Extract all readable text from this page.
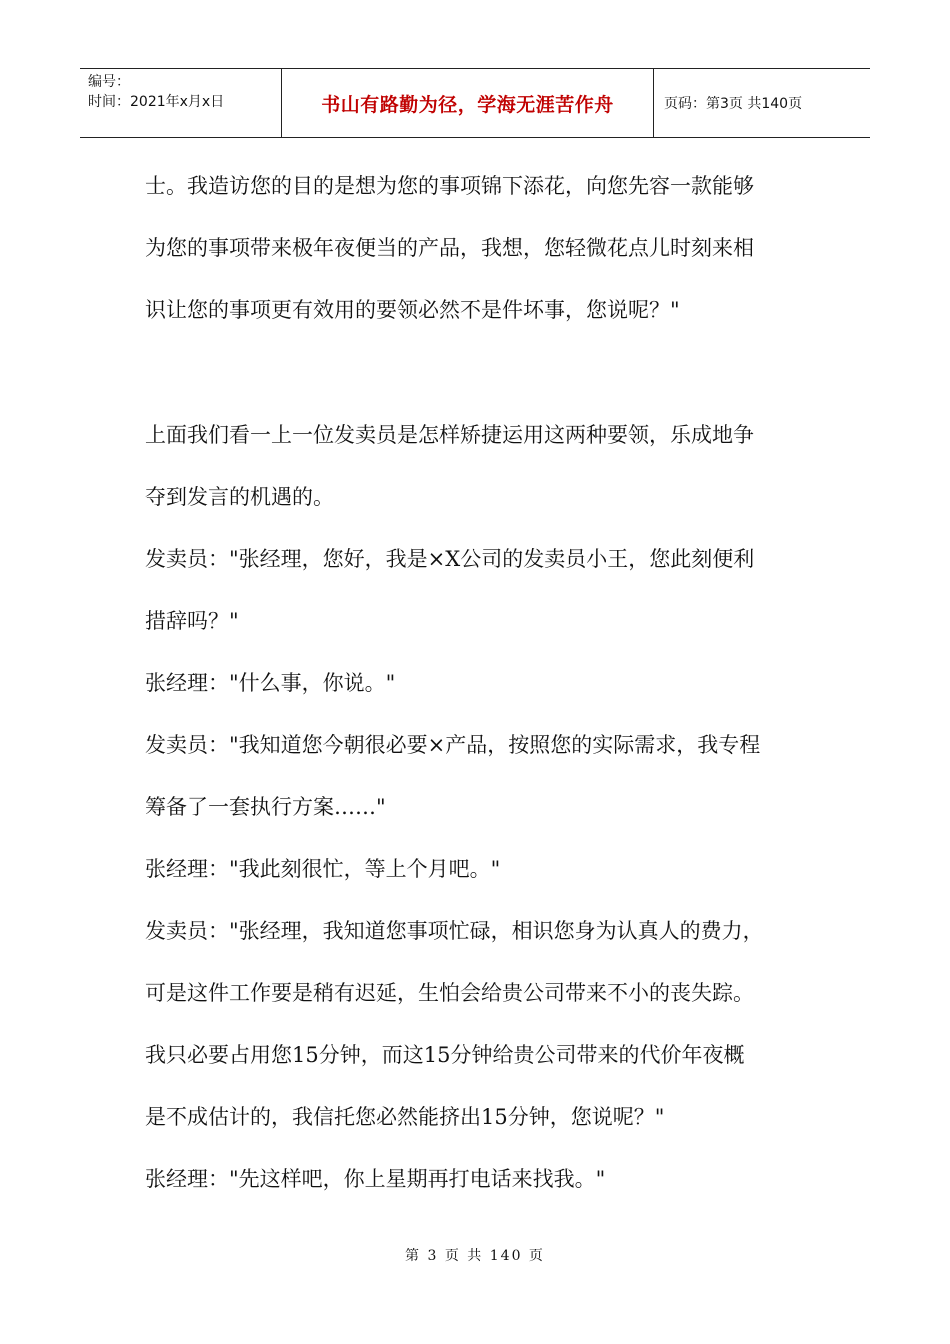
编号：
时间：2021年x月x日	书山有路勤为径，学海无涯苦作舟	页码：第3页 共140页
士。我造访您的目的是想为您的事项锦下添花，向您先容一款能够
为您的事项带来极年夜便当的产品，我想，您轻微花点儿时刻来相
识让您的事项更有效用的要领必然不是件坏事，您说呢？"
上面我们看一上一位发卖员是怎样矫捷运用这两种要领，乐成地争
夺到发言的机遇的。
发卖员："张经理，您好，我是×X公司的发卖员小王，您此刻便利
措辞吗？"
张经理："什么事，你说。"
发卖员："我知道您今朝很必要×产品，按照您的实际需求，我专程
筹备了一套执行方案……"
张经理："我此刻很忙，等上个月吧。"
发卖员："张经理，我知道您事项忙碌，相识您身为认真人的费力，
可是这件工作要是稍有迟延，生怕会给贵公司带来不小的丧失踪。
我只必要占用您15分钟，而这15分钟给贵公司带来的代价年夜概
是不成估计的，我信托您必然能挤出15分钟，您说呢？"
张经理："先这样吧，你上星期再打电话来找我。"
第 3 页 共 140 页
